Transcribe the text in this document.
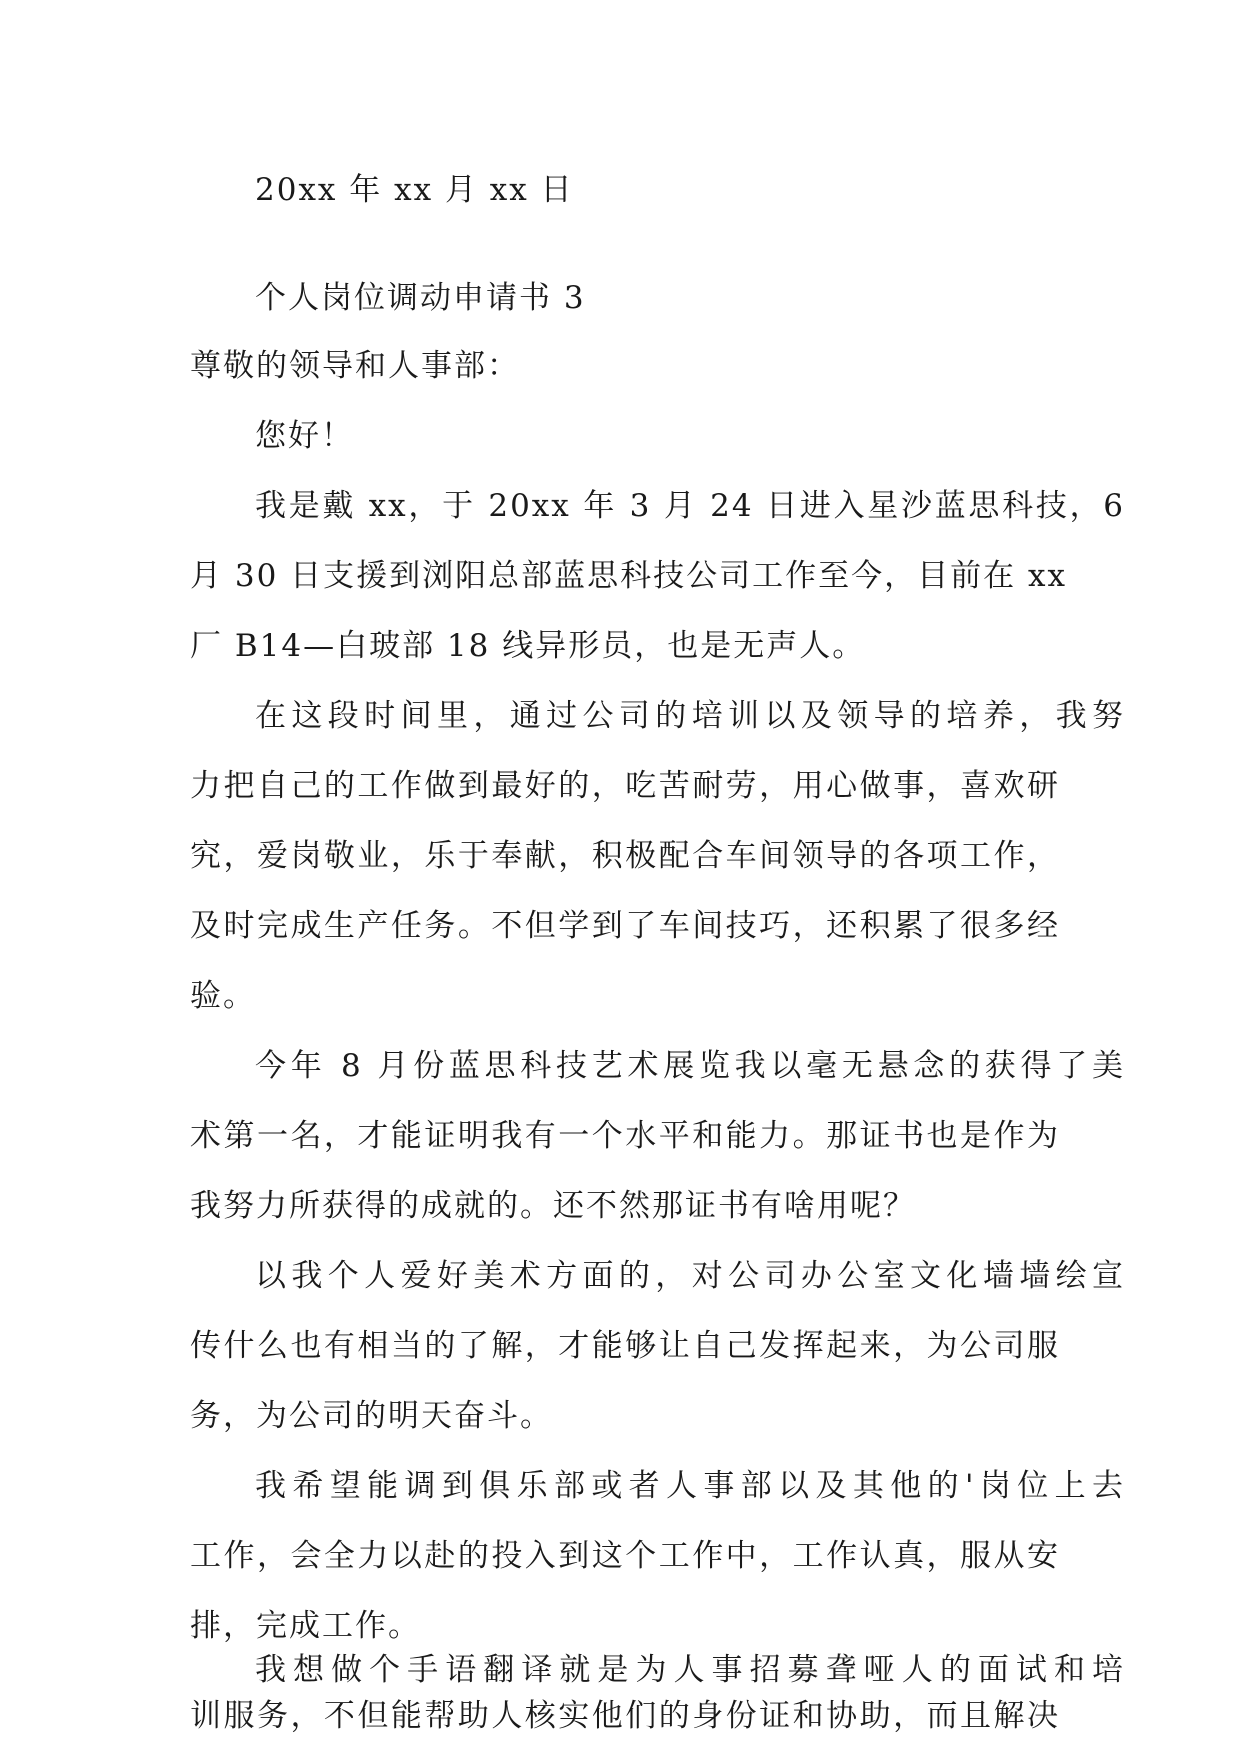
20xx 年 xx 月 xx 日
个人岗位调动申请书 3
尊敬的领导和人事部：
您好！
我是戴 xx，于 20xx 年 3 月 24 日进入星沙蓝思科技，6
月 30 日支援到浏阳总部蓝思科技公司工作至今，目前在 xx
厂 B14—白玻部 18 线异形员，也是无声人。
在这段时间里，通过公司的培训以及领导的培养，我努
力把自己的工作做到最好的，吃苦耐劳，用心做事，喜欢研
究，爱岗敬业，乐于奉献，积极配合车间领导的各项工作，
及时完成生产任务。不但学到了车间技巧，还积累了很多经
验。
今年 8 月份蓝思科技艺术展览我以毫无悬念的获得了美
术第一名，才能证明我有一个水平和能力。那证书也是作为
我努力所获得的成就的。还不然那证书有啥用呢？
以我个人爱好美术方面的，对公司办公室文化墙墙绘宣
传什么也有相当的了解，才能够让自己发挥起来，为公司服
务，为公司的明天奋斗。
我希望能调到俱乐部或者人事部以及其他的'岗位上去
工作，会全力以赴的投入到这个工作中，工作认真，服从安
排，完成工作。
我想做个手语翻译就是为人事招募聋哑人的面试和培
训服务，不但能帮助人核实他们的身份证和协助，而且解决
